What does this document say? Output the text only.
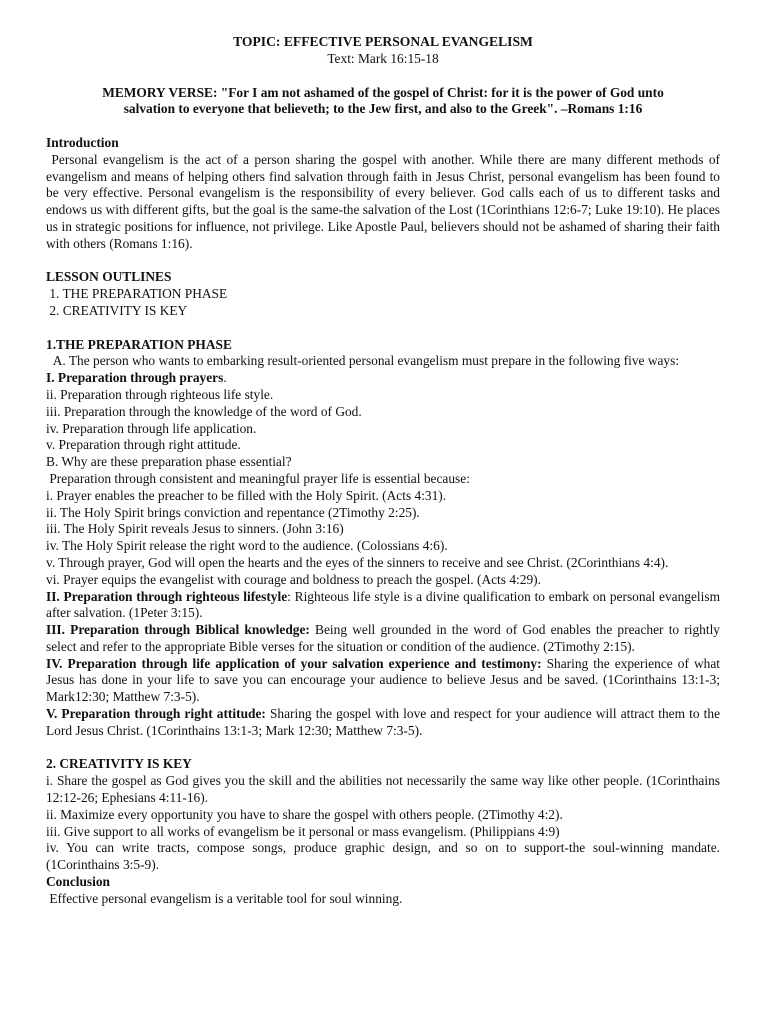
TOPIC: EFFECTIVE PERSONAL EVANGELISM

Text: Mark 16:15-18

MEMORY VERSE: "For I am not ashamed of the gospel of Christ: for it is the power of God unto

salvation to everyone that believeth; to the Jew first, and also to the Greek". –Romans 1:16

Introduction

Personal evangelism is the act of a person sharing the gospel with another. While there are many different methods of evangelism and means of helping others find salvation through faith in Jesus Christ, personal evangelism has been found to be very effective. Personal evangelism is the responsibility of every believer. God calls each of us to different tasks and endows us with different gifts, but the goal is the same-the salvation of the Lost (1Corinthians 12:6-7; Luke 19:10). He places us in strategic positions for influence, not privilege. Like Apostle Paul, believers should not be ashamed of sharing their faith with others (Romans 1:16).

LESSON OUTLINES

1. THE PREPARATION PHASE

2. CREATIVITY IS KEY

1.THE PREPARATION PHASE

A. The person who wants to embarking result-oriented personal evangelism must prepare in the following five ways:

I. Preparation through prayers.

ii. Preparation through righteous life style.

iii. Preparation through the knowledge of the word of God.

iv. Preparation through life application.

v. Preparation through right attitude.

B. Why are these preparation phase essential?

Preparation through consistent and meaningful prayer life is essential because:

i. Prayer enables the preacher to be filled with the Holy Spirit. (Acts 4:31).

ii. The Holy Spirit brings conviction and repentance (2Timothy 2:25).

iii. The Holy Spirit reveals Jesus to sinners. (John 3:16)

iv. The Holy Spirit release the right word to the audience. (Colossians 4:6).

v. Through prayer, God will open the hearts and the eyes of the sinners to receive and see Christ. (2Corinthians 4:4).

vi. Prayer equips the evangelist with courage and boldness to preach the gospel. (Acts 4:29).

II. Preparation through righteous lifestyle: Righteous life style is a divine qualification to embark on personal evangelism after salvation. (1Peter 3:15).

III. Preparation through Biblical knowledge: Being well grounded in the word of God enables the preacher to rightly select and refer to the appropriate Bible verses for the situation or condition of the audience. (2Timothy 2:15).

IV. Preparation through life application of your salvation experience and testimony: Sharing the experience of what Jesus has done in your life to save you can encourage your audience to believe Jesus and be saved. (1Corinthains 13:1-3; Mark12:30; Matthew 7:3-5).

V. Preparation through right attitude: Sharing the gospel with love and respect for your audience will attract them to the Lord Jesus Christ. (1Corinthains 13:1-3; Mark 12:30; Matthew 7:3-5).

2. CREATIVITY IS KEY

i. Share the gospel as God gives you the skill and the abilities not necessarily the same way like other people. (1Corinthains 12:12-26; Ephesians 4:11-16).

ii. Maximize every opportunity you have to share the gospel with others people. (2Timothy 4:2).

iii. Give support to all works of evangelism be it personal or mass evangelism. (Philippians 4:9)

iv. You can write tracts, compose songs, produce graphic design, and so on to support-the soul-winning mandate. (1Corinthains 3:5-9).

Conclusion

Effective personal evangelism is a veritable tool for soul winning.
